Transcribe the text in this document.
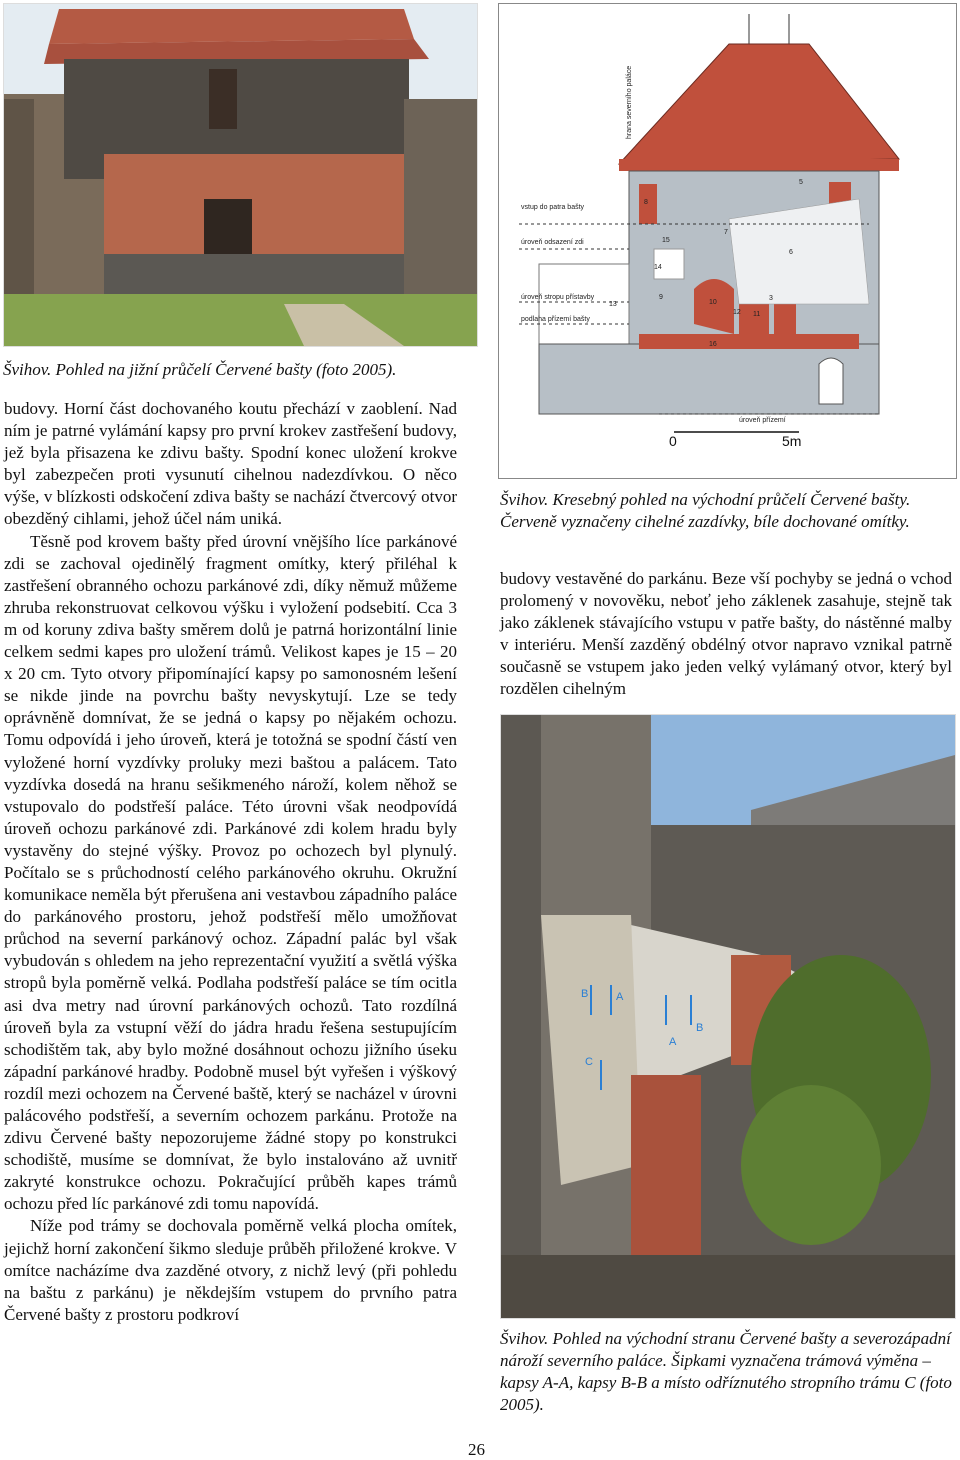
Švihov. Pohled na jižní průčelí Červené bašty (foto 2005).

budovy. Horní část dochovaného koutu přechází v zaoblení. Nad ním je patrné vylámání kapsy pro první krokev zastřešení budovy, jež byla přisazena ke zdivu bašty. Spodní konec uložení krokve byl zabezpečen proti vysunutí cihelnou nadezdívkou. O něco výše, v blízkosti odskočení zdiva bašty se nachází čtvercový otvor obezděný cihlami, jehož účel nám uniká.

Těsně pod krovem bašty před úrovní vnějšího líce parkánové zdi se zachoval ojedinělý fragment omítky, který přiléhal k zastřešení obranného ochozu parkánové zdi, díky němuž můžeme zhruba rekonstruovat celkovou výšku i vyložení podsebití. Cca 3 m od koruny zdiva bašty směrem dolů je patrná horizontální linie celkem sedmi kapes pro uložení trámů. Velikost kapes je 15 – 20 x 20 cm. Tyto otvory připomínající kapsy po samonosném lešení se nikde jinde na povrchu bašty nevyskytují. Lze se tedy oprávněně domnívat, že se jedná o kapsy po nějakém ochozu. Tomu odpovídá i jeho úroveň, která je totožná se spodní částí ven vyložené horní vyzdívky proluky mezi baštou a palácem. Tato vyzdívka dosedá na hranu sešikmeného nároží, kolem něhož se vstupovalo do podstřeší paláce. Této úrovni však neodpovídá úroveň ochozu parkánové zdi. Parkánové zdi kolem hradu byly vystavěny do stejné výšky. Provoz po ochozech byl plynulý. Počítalo se s průchodností celého parkánového okruhu. Okružní komunikace neměla být přerušena ani vestavbou západního paláce do parkánového prostoru, jehož podstřeší mělo umožňovat průchod na severní parkánový ochoz. Západní palác byl však vybudován s ohledem na jeho reprezentační využití a světlá výška stropů byla poměrně velká. Podlaha podstřeší paláce se tím ocitla asi dva metry nad úrovní parkánových ochozů. Tato rozdílná úroveň byla za vstupní věží do jádra hradu řešena sestupujícím schodištěm tak, aby bylo možné dosáhnout ochozu jižního úseku západní parkánové hradby. Podobně musel být vyřešen i výškový rozdíl mezi ochozem na Červené baště, který se nacházel v úrovni palácového podstřeší, a severním ochozem parkánu. Protože na zdivu Červené bašty nepozorujeme žádné stopy po konstrukci schodiště, musíme se domnívat, že bylo instalováno až uvnitř zakryté konstrukce ochozu. Pokračující průběh kapes trámů ochozu před líc parkánové zdi tomu napovídá.

Níže pod trámy se dochovala poměrně velká plocha omítek, jejichž horní zakončení šikmo sleduje průběh přiložené krokve. V omítce nacházíme dva zazděné otvory, z nichž levý (při pohledu na baštu z parkánu) je někdejším vstupem do prvního patra Červené bašty z prostoru podkroví

hrana severního paláce
vstup do patra bašty
úroveň odsazení zdi
úroveň stropu přístavby
podlaha přízemí bašty
úroveň přízemí
8
7
6
5
15
14
13
9
10
12 11
3
16
0	5m
Švihov. Kresebný pohled na východní průčelí Červené bašty. Červeně vyznačeny cihelné zazdívky, bíle dochované omítky.

budovy vestavěné do parkánu. Beze vší pochyby se jedná o vchod prolomený v novověku, neboť jeho záklenek zasahuje, stejně tak jako záklenek stávajícího vstupu v patře bašty, do nástěnné malby v interiéru. Menší zazděný obdélný otvor napravo vznikal patrně současně se vstupem jako jeden velký vylámaný otvor, který byl rozdělen cihelným

B	A
B
A
C
Švihov. Pohled na východní stranu Červené bašty a severozápadní nároží severního paláce. Šipkami vyznačena trámová výměna – kapsy A-A, kapsy B-B a místo odříznutého stropního trámu C (foto 2005).
26
